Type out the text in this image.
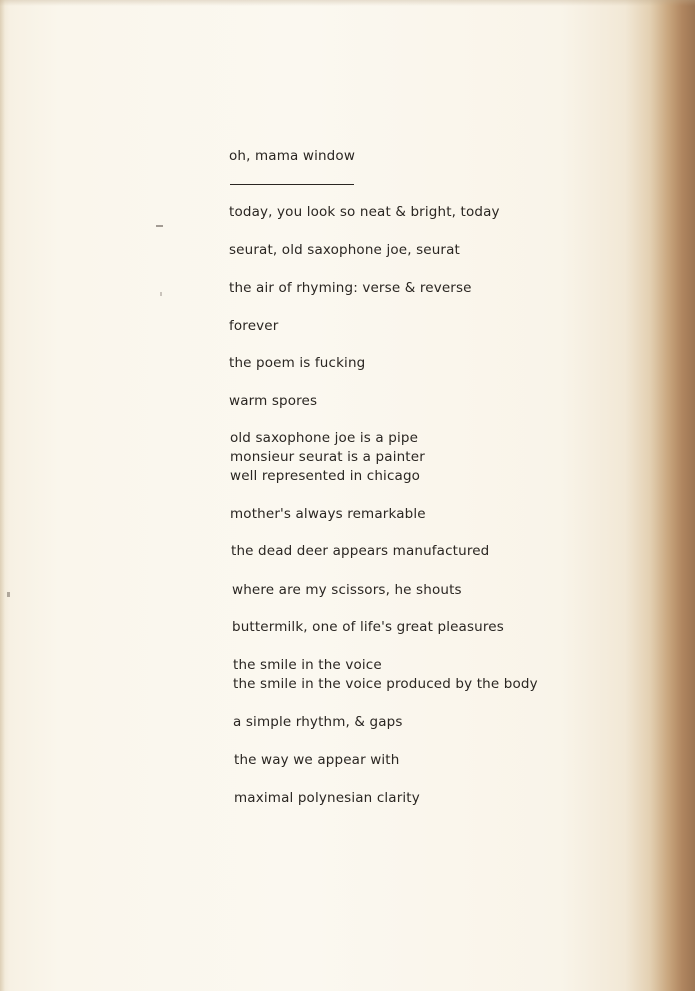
oh, mama window
today, you look so neat & bright, today
seurat, old saxophone joe, seurat
the air of rhyming: verse & reverse
forever
the poem is fucking
warm spores
old saxophone joe is a pipe
monsieur seurat is a painter
well represented in chicago
mother's always remarkable
the dead deer appears manufactured
where are my scissors, he shouts
buttermilk, one of life's great pleasures
the smile in the voice
the smile in the voice produced by the body
a simple rhythm, & gaps
the way we appear with
maximal polynesian clarity
